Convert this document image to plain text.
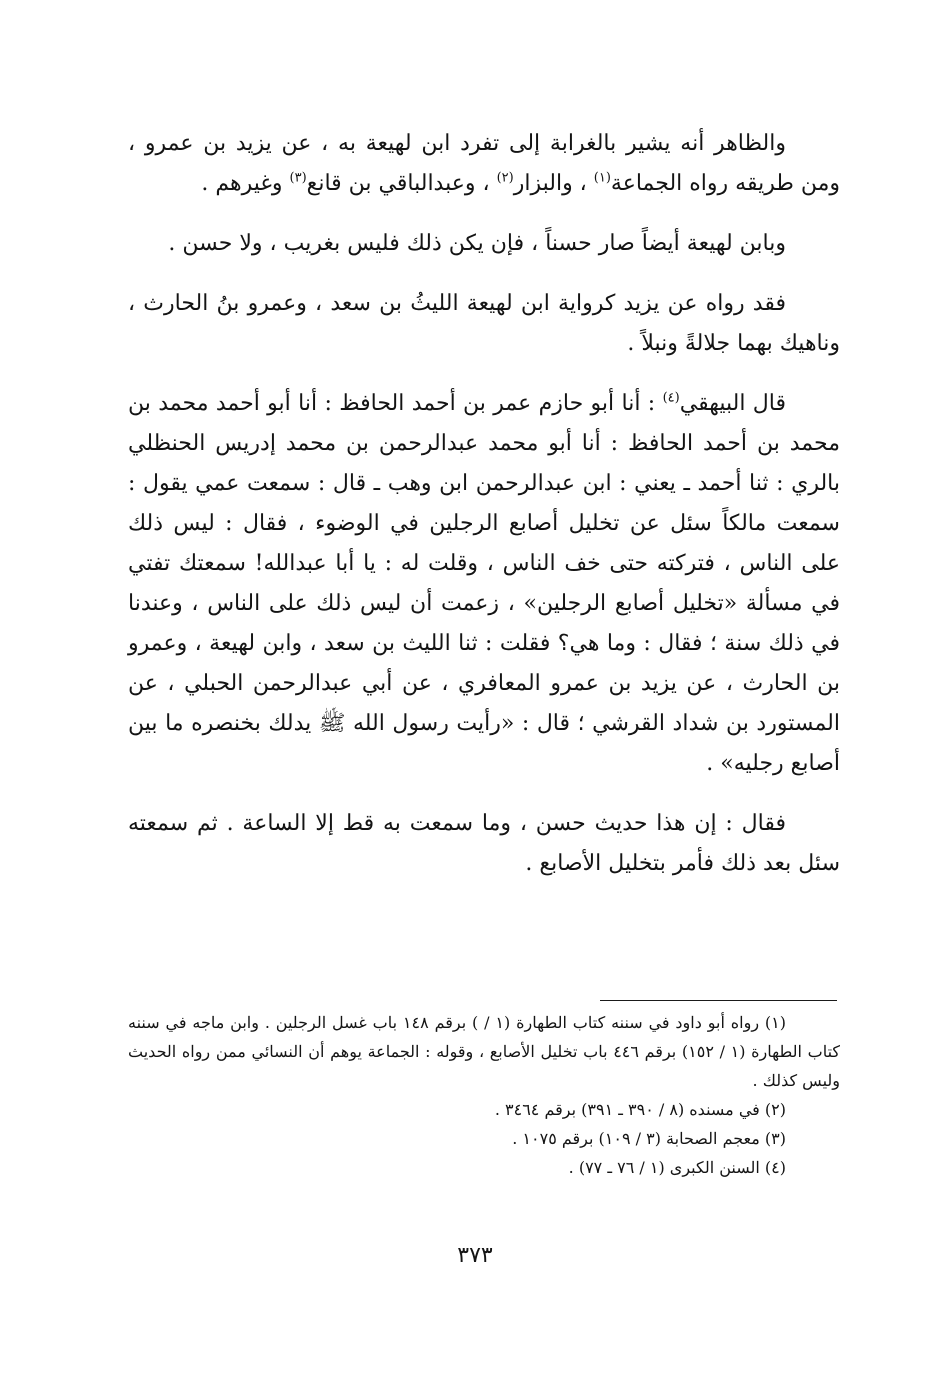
والظاهر أنه يشير بالغرابة إلى تفرد ابن لهيعة به ، عن يزيد بن عمرو ، ومن طريقه رواه الجماعة$^{(١)}$ ، والبزار$^{(٢)}$ ، وعبدالباقي بن قانع$^{(٣)}$ وغيرهم .

وبابن لهيعة أيضاً صار حسناً ، فإن يكن ذلك فليس بغريب ، ولا حسن .

فقد رواه عن يزيد كرواية ابن لهيعة الليثُ بن سعد ، وعمرو بنُ الحارث ، وناهيك بهما جلالةً ونبلاً .

قال البيهقي$^{(٤)}$ : أنا أبو حازم عمر بن أحمد الحافظ : أنا أبو أحمد محمد بن محمد بن أحمد الحافظ : أنا أبو محمد عبدالرحمن بن محمد إدريس الحنظلي بالري : ثنا أحمد ـ يعني : ابن عبدالرحمن ابن وهب ـ قال : سمعت عمي يقول : سمعت مالكاً سئل عن تخليل أصابع الرجلين في الوضوء ، فقال : ليس ذلك على الناس ، فتركته حتى خف الناس ، وقلت له : يا أبا عبدالله! سمعتك تفتي في مسألة «تخليل أصابع الرجلين» ، زعمت أن ليس ذلك على الناس ، وعندنا في ذلك سنة ؛ فقال : وما هي؟ فقلت : ثنا الليث بن سعد ، وابن لهيعة ، وعمرو بن الحارث ، عن يزيد بن عمرو المعافري ، عن أبي عبدالرحمن الحبلي ، عن المستورد بن شداد القرشي ؛ قال : «رأيت رسول الله ﷺ يدلك بخنصره ما بين أصابع رجليه» .

فقال : إن هذا حديث حسن ، وما سمعت به قط إلا الساعة . ثم سمعته سئل بعد ذلك فأمر بتخليل الأصابع .

(١) رواه أبو داود في سننه كتاب الطهارة (١ / ) برقم ١٤٨ باب غسل الرجلين . وابن ماجه في سننه كتاب الطهارة (١ / ١٥٢) برقم ٤٤٦ باب تخليل الأصابع ، وقوله : الجماعة يوهم أن النسائي ممن رواه الحديث وليس كذلك .

(٢) في مسنده (٨ / ٣٩٠ ـ ٣٩١) برقم ٣٤٦٤ .

(٣) معجم الصحابة (٣ / ١٠٩) برقم ١٠٧٥ .

(٤) السنن الكبرى (١ / ٧٦ ـ ٧٧) .

٣٧٣
